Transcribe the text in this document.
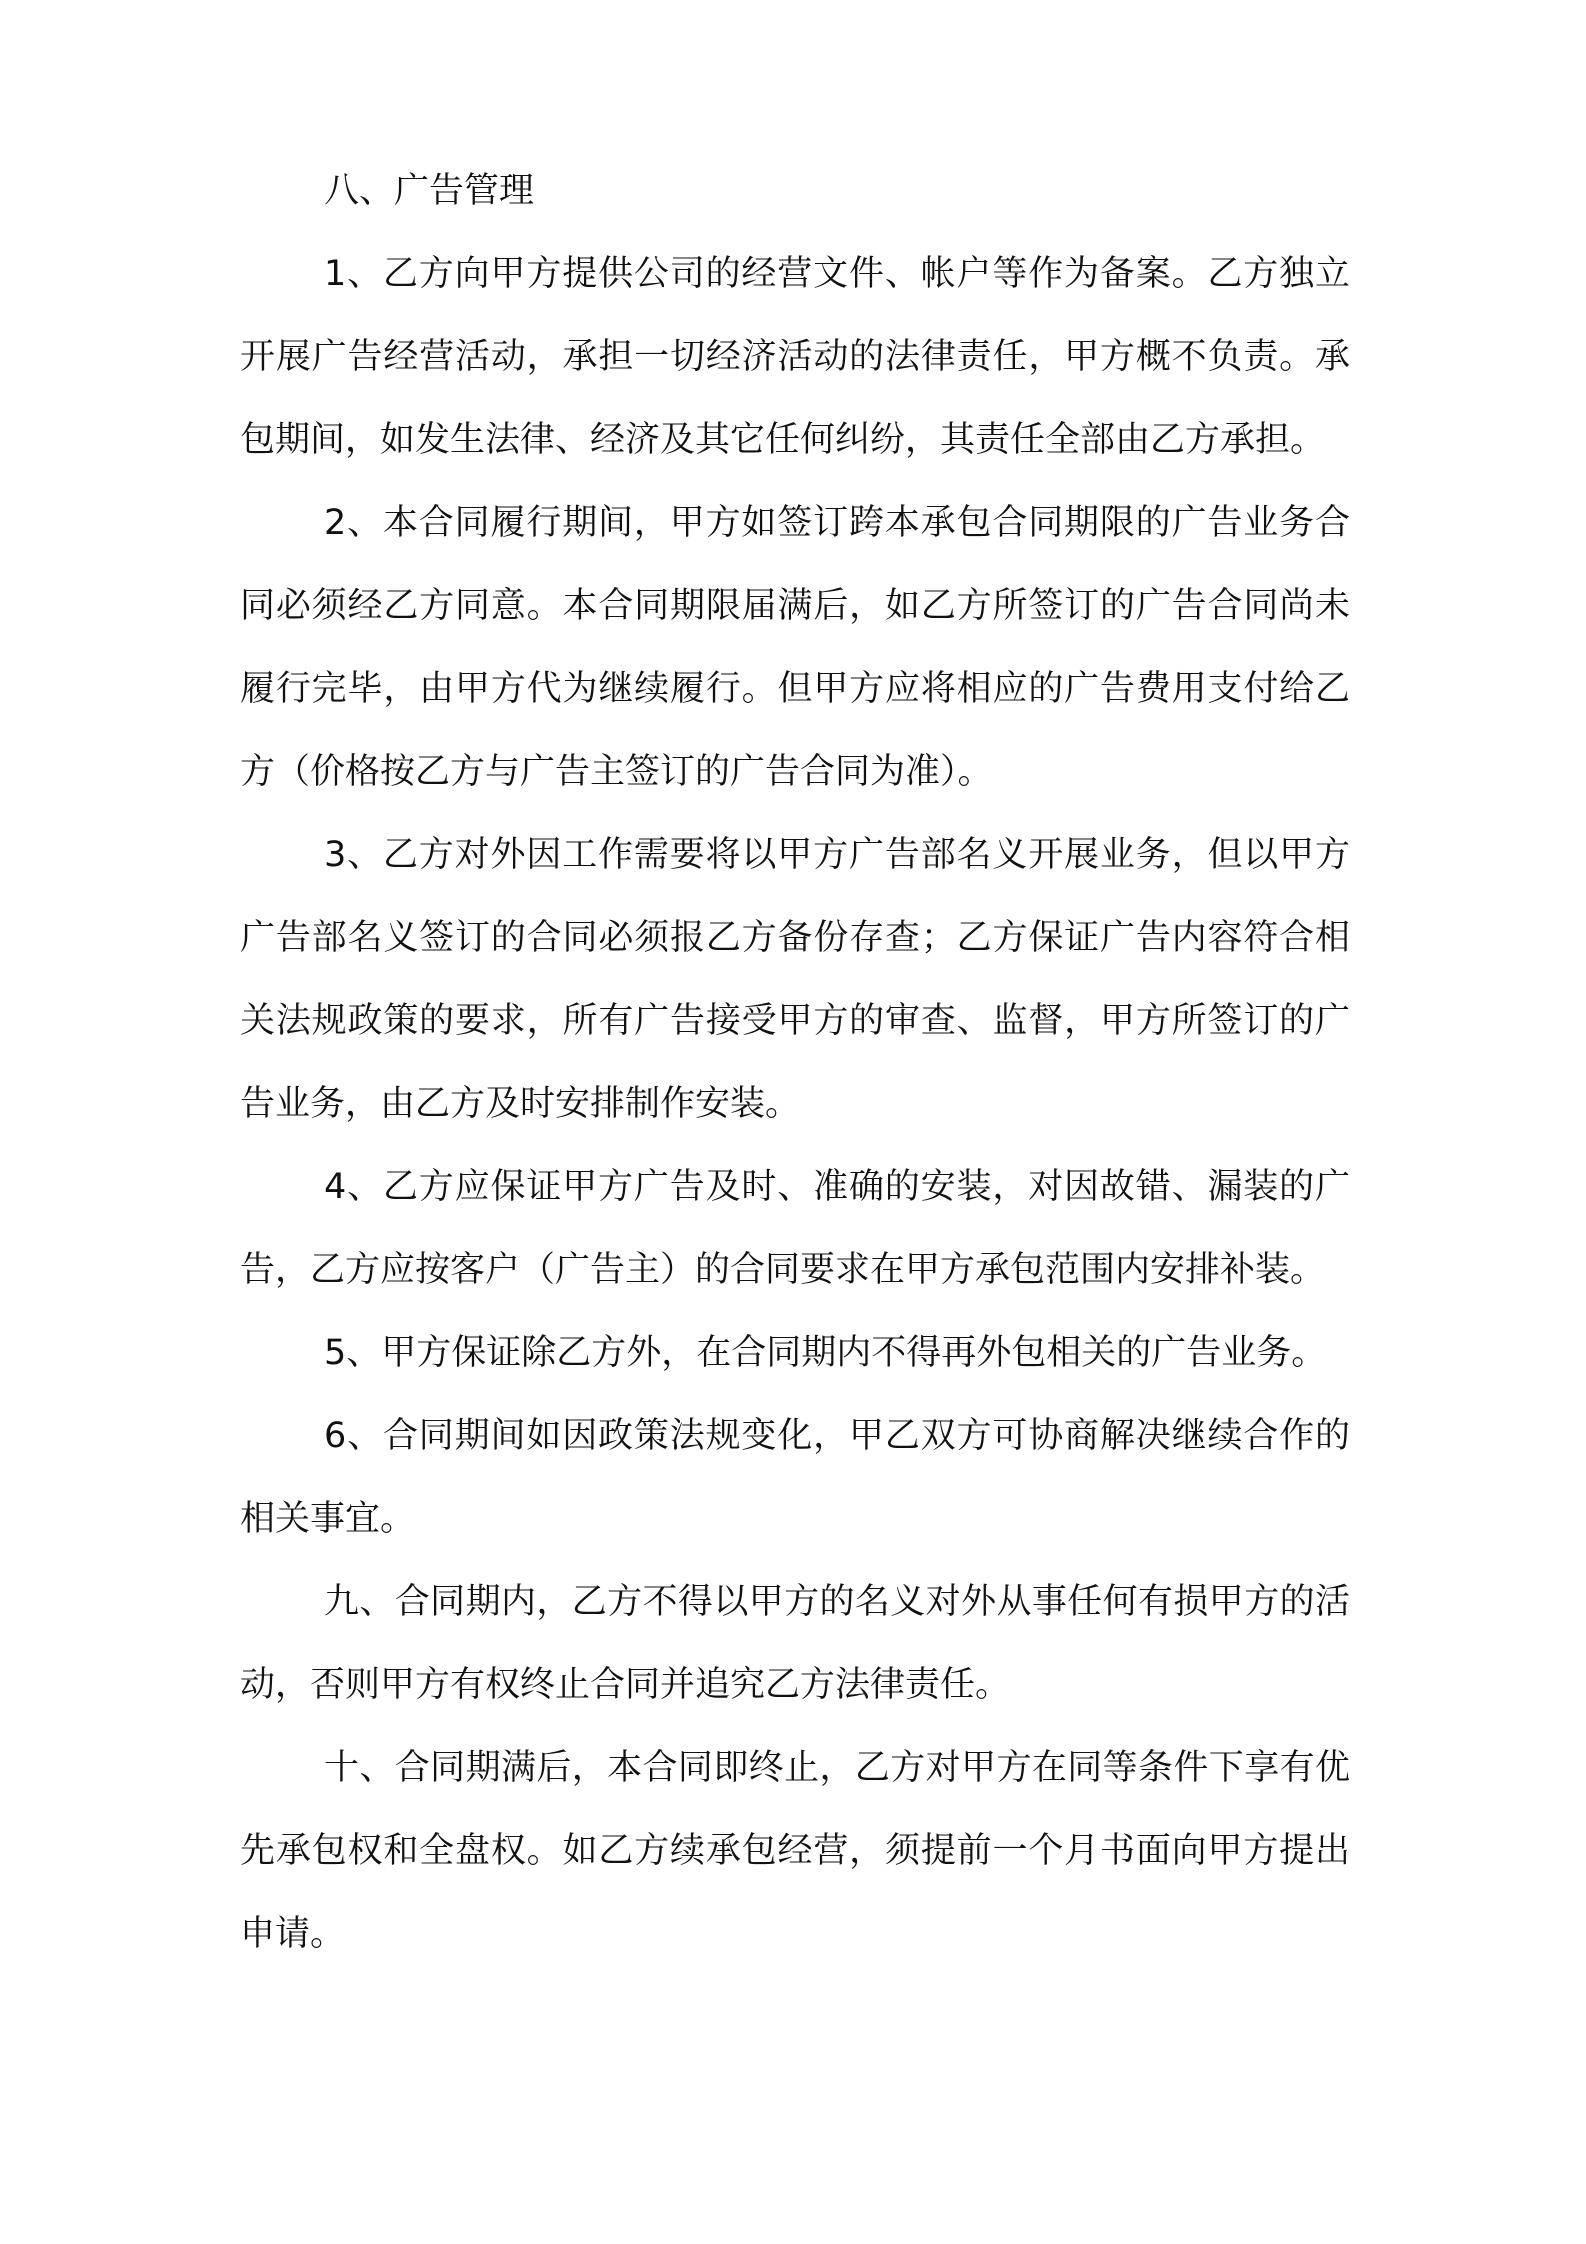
八、广告管理

1、乙方向甲方提供公司的经营文件、帐户等作为备案。乙方独立开展广告经营活动，承担一切经济活动的法律责任，甲方概不负责。承包期间，如发生法律、经济及其它任何纠纷，其责任全部由乙方承担。

2、本合同履行期间，甲方如签订跨本承包合同期限的广告业务合同必须经乙方同意。本合同期限届满后，如乙方所签订的广告合同尚未履行完毕，由甲方代为继续履行。但甲方应将相应的广告费用支付给乙方（价格按乙方与广告主签订的广告合同为准）。

3、乙方对外因工作需要将以甲方广告部名义开展业务，但以甲方广告部名义签订的合同必须报乙方备份存查；乙方保证广告内容符合相关法规政策的要求，所有广告接受甲方的审查、监督，甲方所签订的广告业务，由乙方及时安排制作安装。

4、乙方应保证甲方广告及时、准确的安装，对因故错、漏装的广告，乙方应按客户（广告主）的合同要求在甲方承包范围内安排补装。

5、甲方保证除乙方外，在合同期内不得再外包相关的广告业务。

6、合同期间如因政策法规变化，甲乙双方可协商解决继续合作的相关事宜。

九、合同期内，乙方不得以甲方的名义对外从事任何有损甲方的活动，否则甲方有权终止合同并追究乙方法律责任。

十、合同期满后，本合同即终止，乙方对甲方在同等条件下享有优先承包权和全盘权。如乙方续承包经营，须提前一个月书面向甲方提出申请。
